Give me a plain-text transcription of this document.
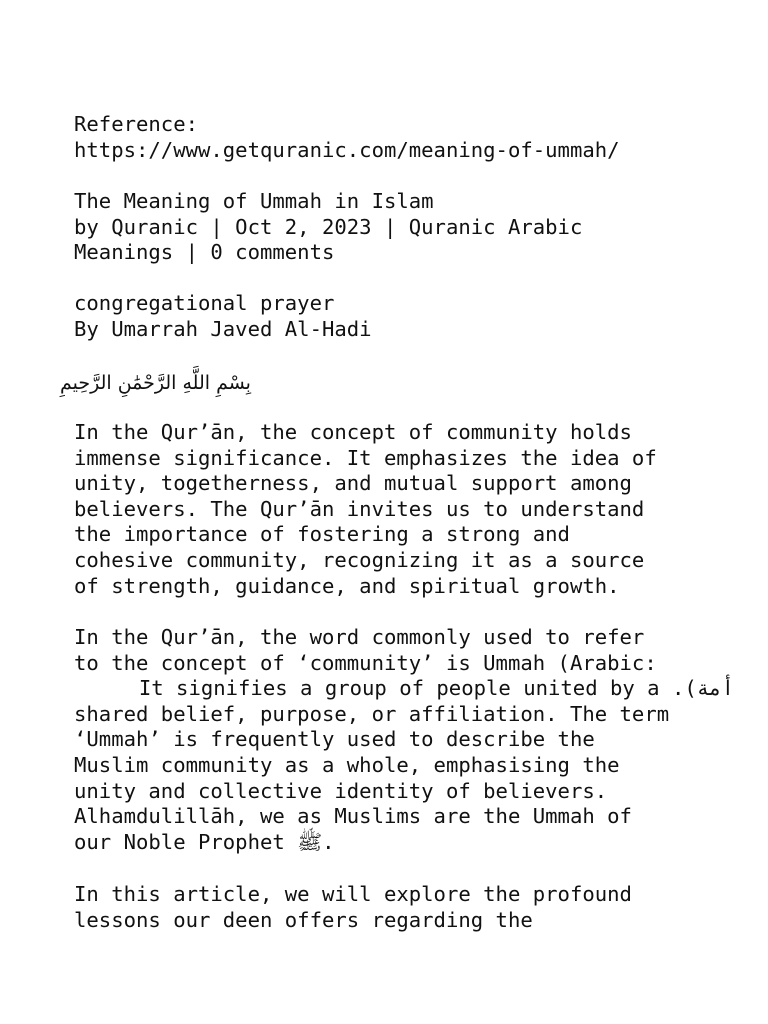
Reference:
https://www.getquranic.com/meaning-of-ummah/
The Meaning of Ummah in Islam
by Quranic | Oct 2, 2023 | Quranic Arabic
Meanings | 0 comments
congregational prayer
By Umarrah Javed Al-Hadi
بِسْمِ اللَّهِ الرَّحْمَٰنِ الرَّحِيمِ
In the Qur’ān, the concept of community holds
immense significance. It emphasizes the idea of
unity, togetherness, and mutual support among
believers. The Qur’ān invites us to understand
the importance of fostering a strong and
cohesive community, recognizing it as a source
of strength, guidance, and spiritual growth.
In the Qur’ān, the word commonly used to refer
to the concept of ‘community’ is Ummah (Arabic:
أمة). It signifies a group of people united by a
shared belief, purpose, or affiliation. The term
‘Ummah’ is frequently used to describe the
Muslim community as a whole, emphasising the
unity and collective identity of believers.
Alhamdulillāh, we as Muslims are the Ummah of
our Noble Prophet ﷺ.
In this article, we will explore the profound
lessons our deen offers regarding the
